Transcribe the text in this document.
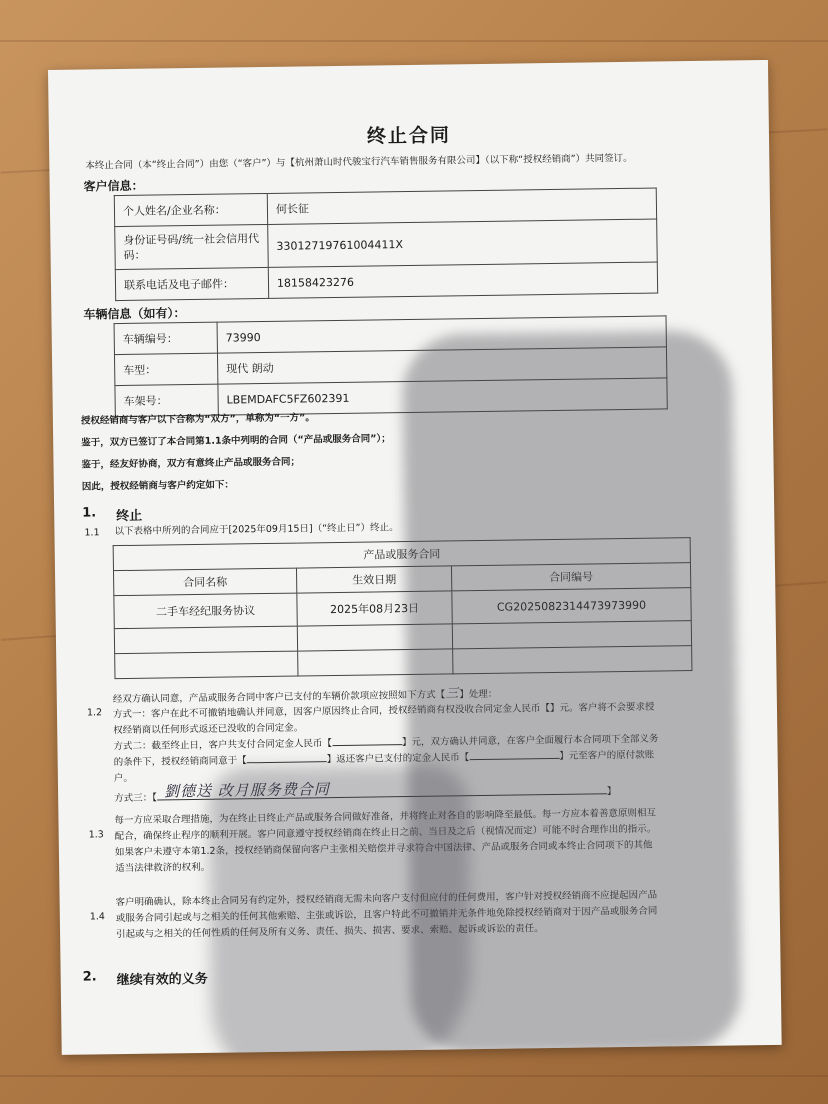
终止合同
本终止合同（本“终止合同”）由您（“客户”）与【杭州萧山时代骏宝行汽车销售服务有限公司】（以下称“授权经销商”）共同签订。
客户信息：
个人姓名/企业名称：	何长征
身份证号码/统一社会信用代码：	33012719761004411X
联系电话及电子邮件：	18158423276
车辆信息（如有）：
车辆编号：	73990
车型：	现代 朗动
车架号：	LBEMDAFC5FZ602391
授权经销商与客户以下合称为“双方”，单称为“一方”。
鉴于，双方已签订了本合同第1.1条中列明的合同（“产品或服务合同”）；
鉴于，经友好协商，双方有意终止产品或服务合同；
因此，授权经销商与客户约定如下：
1. 终止
1.1 以下表格中所列的合同应于[2025年09月15日]（“终止日”）终止。
产品或服务合同		
合同名称	生效日期	合同编号
二手车经纪服务协议	2025年08月23日	CG2025082314473973990

1.2
经双方确认同意，产品或服务合同中客户已支付的车辆价款项应按照如下方式【三】处理：
方式一：客户在此不可撤销地确认并同意，因客户原因终止合同，授权经销商有权没收合同定金人民币【】元。客户将不会要求授
权经销商以任何形式返还已没收的合同定金。
方式二：截至终止日，客户共支付合同定金人民币【	】元，双方确认并同意，在客户全面履行本合同项下全部义务
的条件下，授权经销商同意于【	】返还客户已支付的定金人民币【	】元至客户的原付款账
户。
方式三：【】
劉德送 改月服务费合同
1.3
每一方应采取合理措施，为在终止日终止产品或服务合同做好准备，并将终止对各自的影响降至最低。每一方应本着善意原则相互
配合，确保终止程序的顺利开展。客户同意遵守授权经销商在终止日之前、当日及之后（视情况而定）可能不时合理作出的指示。
如果客户未遵守本第1.2条，授权经销商保留向客户主张相关赔偿并寻求符合中国法律、产品或服务合同或本终止合同项下的其他
适当法律救济的权利。
1.4
客户明确确认，除本终止合同另有约定外，授权经销商无需未向客户支付但应付的任何费用，客户针对授权经销商不应提起因产品
或服务合同引起或与之相关的任何其他索赔、主张或诉讼，且客户特此不可撤销并无条件地免除授权经销商对于因产品或服务合同
引起或与之相关的任何性质的任何及所有义务、责任、损失、损害、要求、索赔、起诉或诉讼的责任。
2. 继续有效的义务
